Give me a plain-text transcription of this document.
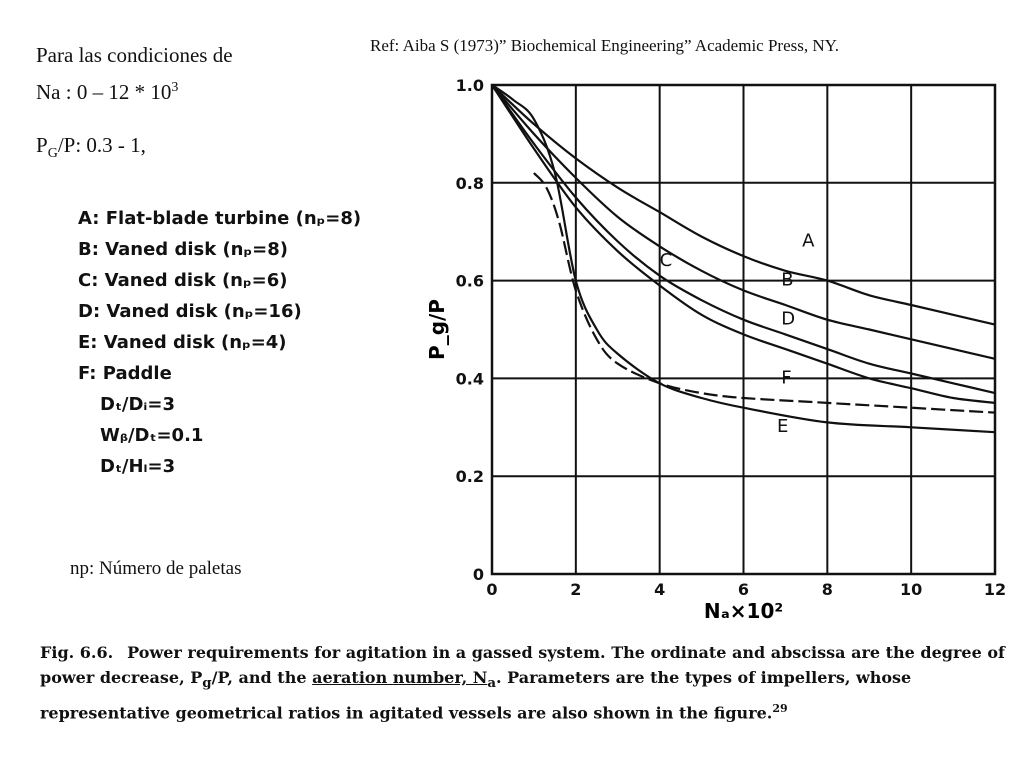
Para las condiciones de
Na : $0 - 12 * 10^3$
$P_G/P$: 0.3 - 1,
Ref: Aiba S (1973)” Biochemical Engineering” Academic Press, NY.
A: Flat-blade turbine (nₚ=8)
B: Vaned disk (nₚ=8)
C: Vaned disk (nₚ=6)
D: Vaned disk (nₚ=16)
E: Vaned disk (nₚ=4)
F: Paddle
Dₜ/Dᵢ=3
Wᵦ/Dₜ=0.1
Dₜ/Hₗ=3
np: Número de paletas
0	2	4	6	8	10	12
0
0.2
0.4
0.6
0.8
1.0
A
B
C
D
F
E
Nₐ×10²
P_g/P
Fig. 6.6. Power requirements for agitation in a gassed system. The ordinate and abscissa are the degree of power decrease, $P_g/P$, and the aeration number, $N_a$. Parameters are the types of impellers, whose representative geometrical ratios in agitated vessels are also shown in the figure.$^{29}$
